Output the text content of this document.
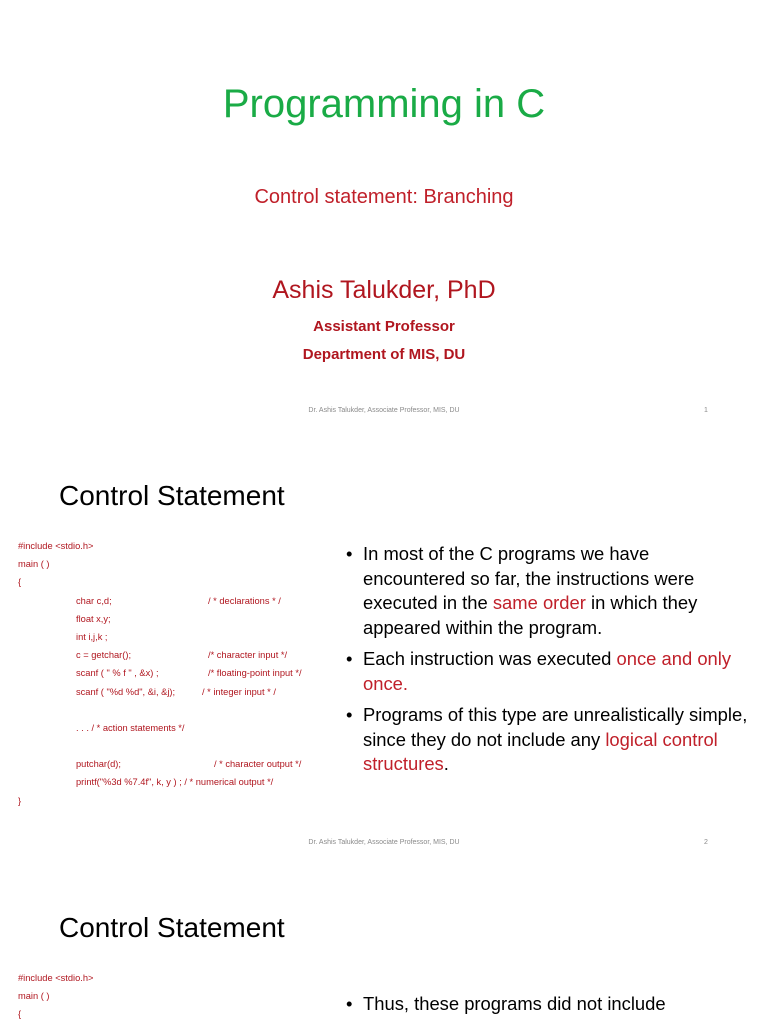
Programming in C
Control statement: Branching
Ashis Talukder, PhD
Assistant Professor
Department of MIS, DU
Dr. Ashis Talukder, Associate Professor, MIS, DU	1
Control Statement
#include <stdio.h>
main ( )
{
char c,d;	/ * declarations * /
float x,y;
int i,j,k ;
c = getchar();	/* character input */
scanf ( " % f " , &x) ;	/* floating-point input */
scanf ( "%d %d", &i, &j);	/ * integer input * /
. . . / * action statements */
putchar(d);	/ * character output */
printf("%3d %7.4f", k, y ) ; / * numerical output */
}
• In most of the C programs we have encountered so far, the instructions were executed in the same order in which they appeared within the program.
• Each instruction was executed once and only once.
• Programs of this type are unrealistically simple, since they do not include any logical control structures.
Dr. Ashis Talukder, Associate Professor, MIS, DU	2
Control Statement
#include <stdio.h>
main ( )
{
• Thus, these programs did not include
